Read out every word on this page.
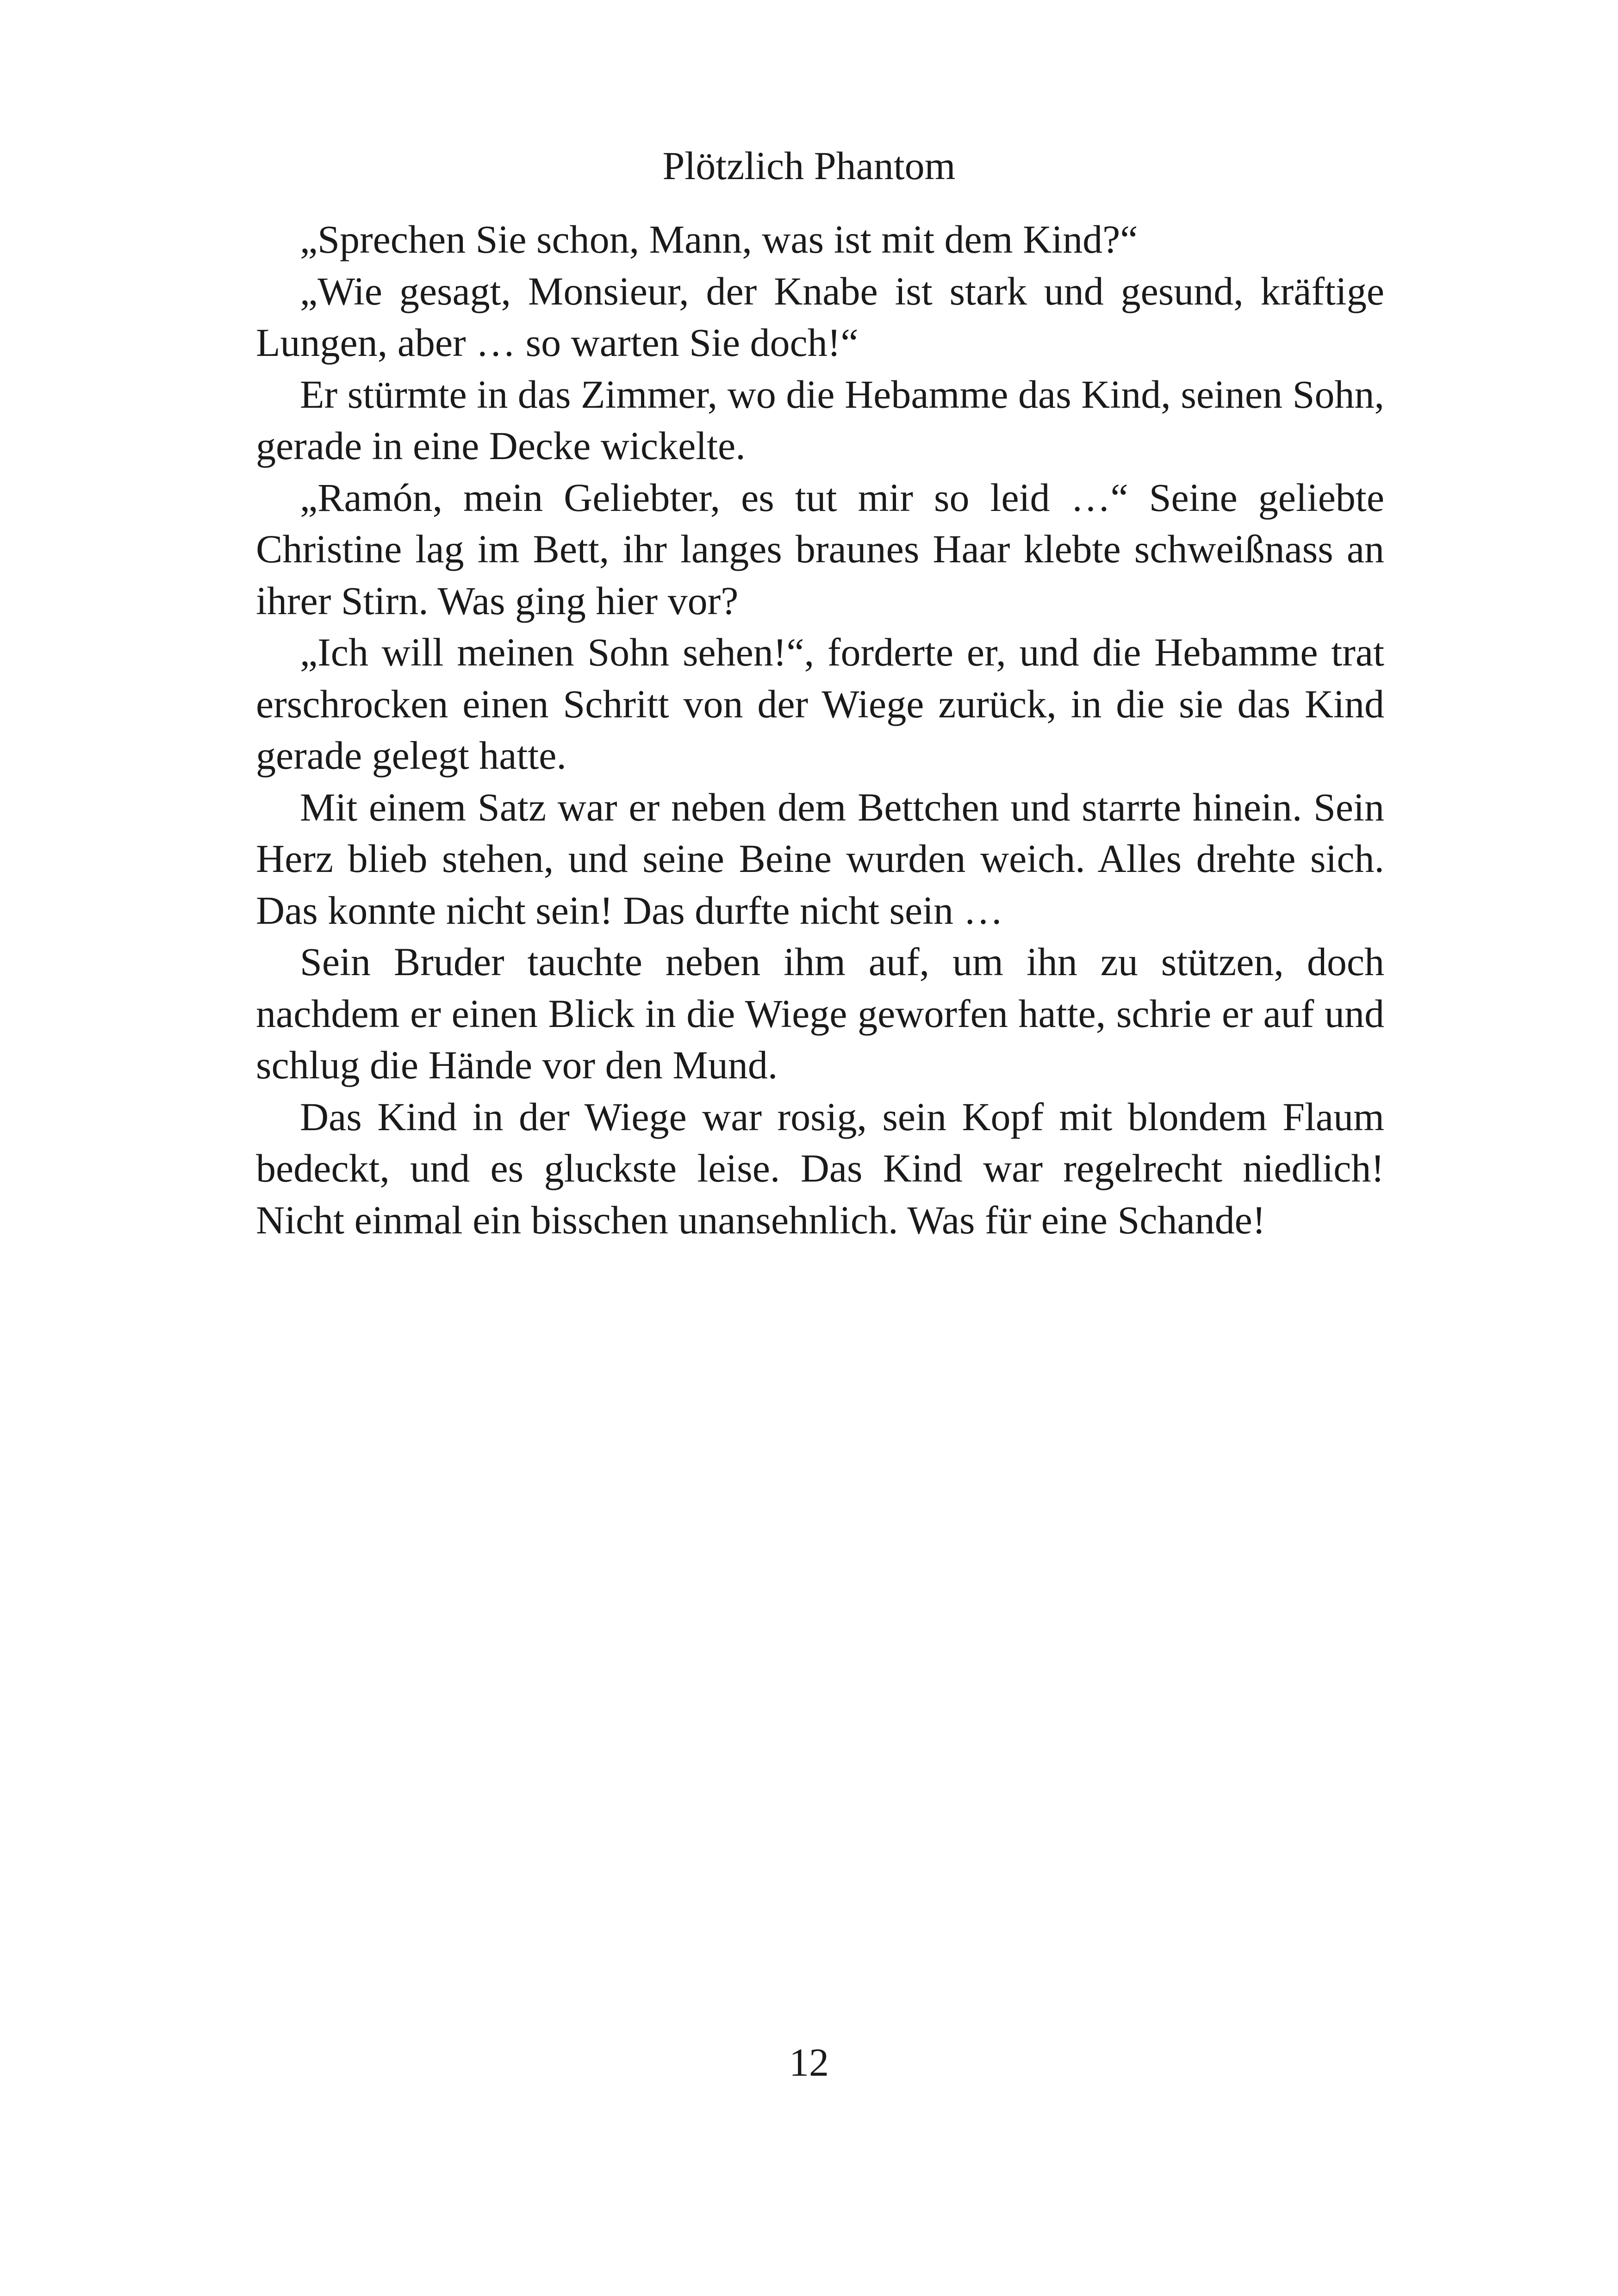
Plötzlich Phantom

„Sprechen Sie schon, Mann, was ist mit dem Kind?“

„Wie gesagt, Monsieur, der Knabe ist stark und gesund, kräftige Lungen, aber … so warten Sie doch!“

Er stürmte in das Zimmer, wo die Hebamme das Kind, seinen Sohn, gerade in eine Decke wickelte.

„Ramón, mein Geliebter, es tut mir so leid …“ Seine geliebte Christine lag im Bett, ihr langes braunes Haar klebte schweißnass an ihrer Stirn. Was ging hier vor?

„Ich will meinen Sohn sehen!“, forderte er, und die Hebamme trat erschrocken einen Schritt von der Wiege zurück, in die sie das Kind gerade gelegt hatte.

Mit einem Satz war er neben dem Bettchen und starrte hinein. Sein Herz blieb stehen, und seine Beine wurden weich. Alles drehte sich. Das konnte nicht sein! Das durfte nicht sein …

Sein Bruder tauchte neben ihm auf, um ihn zu stützen, doch nachdem er einen Blick in die Wiege geworfen hatte, schrie er auf und schlug die Hände vor den Mund.

Das Kind in der Wiege war rosig, sein Kopf mit blondem Flaum bedeckt, und es gluckste leise. Das Kind war regelrecht niedlich! Nicht einmal ein bisschen unansehnlich. Was für eine Schande!

12
